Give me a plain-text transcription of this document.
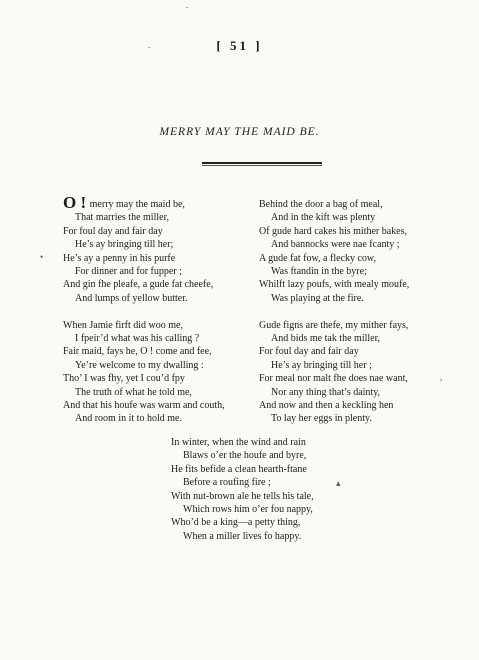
[ 51 ]
MERRY MAY THE MAID BE.
O ! merry may the maid be,
That marries the miller,
For foul day and fair day
He’s ay bringing till her;
He’s ay a penny in his purfe
For dinner and for fupper ;
And gin fhe pleafe, a gude fat cheefe,
And lumps of yellow butter.
When Jamie firft did woo me,
I fpeir’d what was his calling ?
Fair maid, fays he, O ! come and fee,
Ye’re welcome to my dwalling :
Tho’ I was fhy, yet I cou’d fpy
The truth of what he told me,
And that his houfe was warm and couth,
And room in it to hold me.
Behind the door a bag of meal,
And in the kift was plenty
Of gude hard cakes his mither bakes,
And bannocks were nae fcanty ;
A gude fat fow, a flecky cow,
Was ftandin in the byre;
Whilft lazy poufs, with mealy moufe,
Was playing at the fire.
Gude figns are thefe, my mither fays,
And bids me tak the miller,
For foul day and fair day
He’s ay bringing till her ;
For meal nor malt fhe does nae want,
Nor any thing that’s dainty,
And now and then a keckling hen
To lay her eggs in plenty.
In winter, when the wind and rain
Blaws o’er the houfe and byre,
He fits befide a clean hearth-ftane
Before a roufing fire ;
With nut-brown ale he tells his tale,
Which rows him o’er fou nappy,
Who’d be a king—a petty thing,
When a miller lives fo happy.
.
.
•
,
▴
